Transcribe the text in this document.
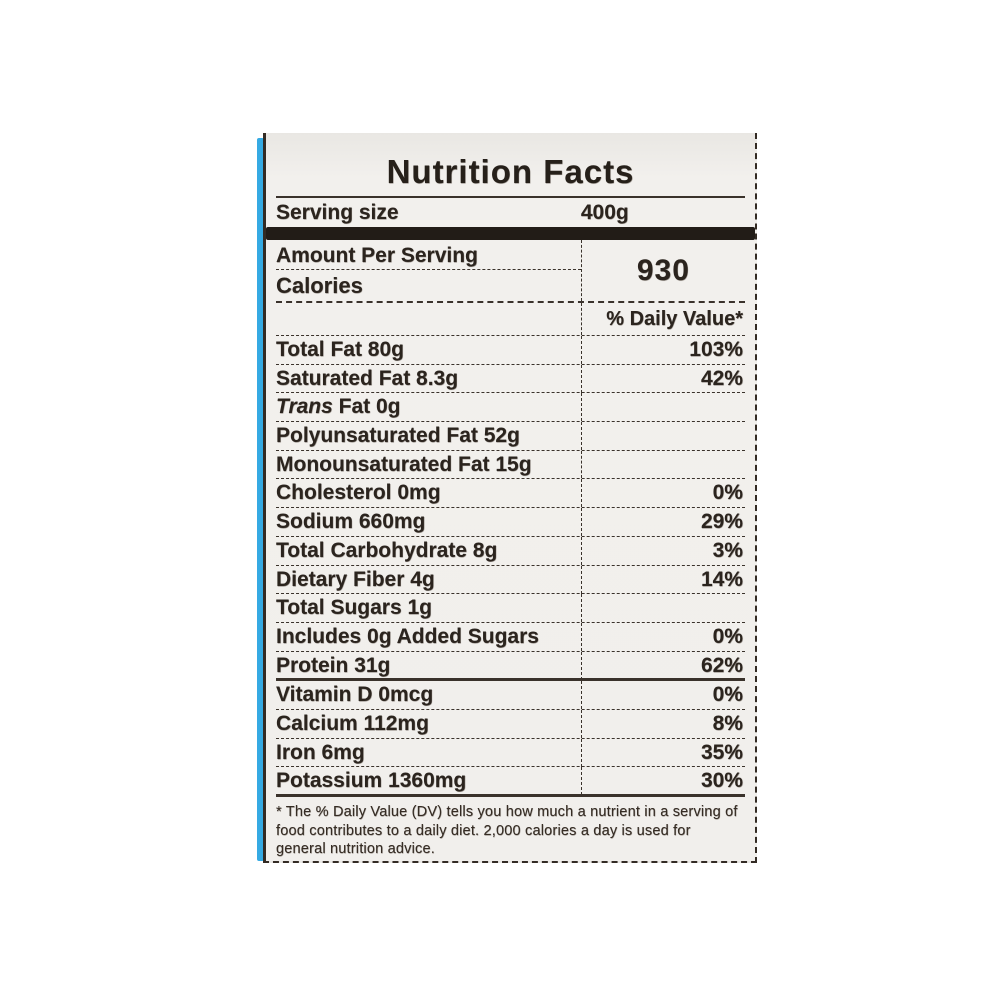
Nutrition Facts
Serving size	400g
Amount Per Serving
Calories	930
% Daily Value*
Total Fat 80g	103%
Saturated Fat 8.3g	42%
Trans Fat 0g
Polyunsaturated Fat 52g
Monounsaturated Fat 15g
Cholesterol 0mg	0%
Sodium 660mg	29%
Total Carbohydrate 8g	3%
Dietary Fiber 4g	14%
Total Sugars 1g
Includes 0g Added Sugars	0%
Protein 31g	62%
Vitamin D 0mcg	0%
Calcium 112mg	8%
Iron 6mg	35%
Potassium 1360mg	30%
* The % Daily Value (DV) tells you how much a nutrient in a serving of food contributes to a daily diet. 2,000 calories a day is used for general nutrition advice.
